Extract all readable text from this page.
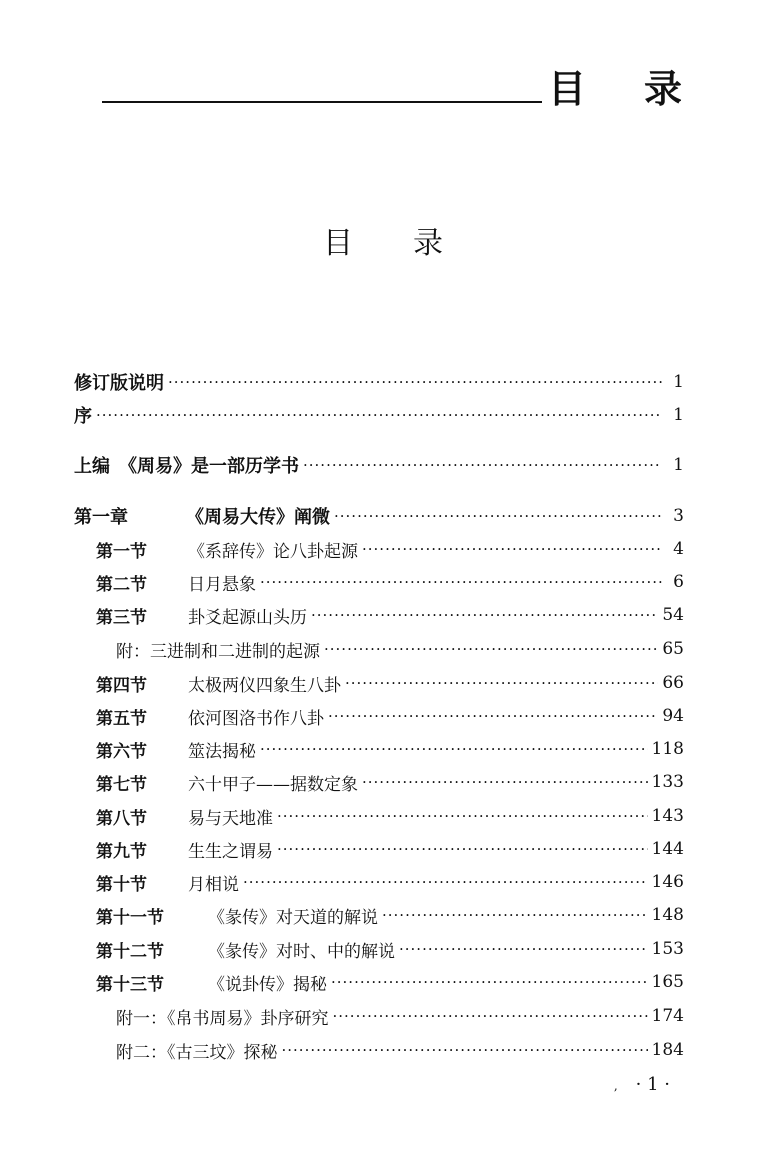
目 录
目录
修订版说明 ·····	1
序 ·····	1
上编　《周易》是一部历学书 ·····	1
第一章	《周易大传》阐微 ·····	3
第一节	《系辞传》论八卦起源 ·····	4
第二节	日月悬象 ·····	6
第三节	卦爻起源山头历 ·····	54
附：三进制和二进制的起源 ·····	65
第四节	太极两仪四象生八卦 ·····	66
第五节	依河图洛书作八卦 ·····	94
第六节	筮法揭秘 ·····	118
第七节	六十甲子——据数定象 ·····	133
第八节	易与天地准 ·····	143
第九节	生生之谓易 ·····	144
第十节	月相说 ·····	146
第十一节	《彖传》对天道的解说 ·····	148
第十二节	《彖传》对时、中的解说 ·····	153
第十三节	《说卦传》揭秘 ·····	165
附一：《帛书周易》卦序研究 ·····	174
附二：《古三坟》探秘 ·····	184
, · 1 ·
